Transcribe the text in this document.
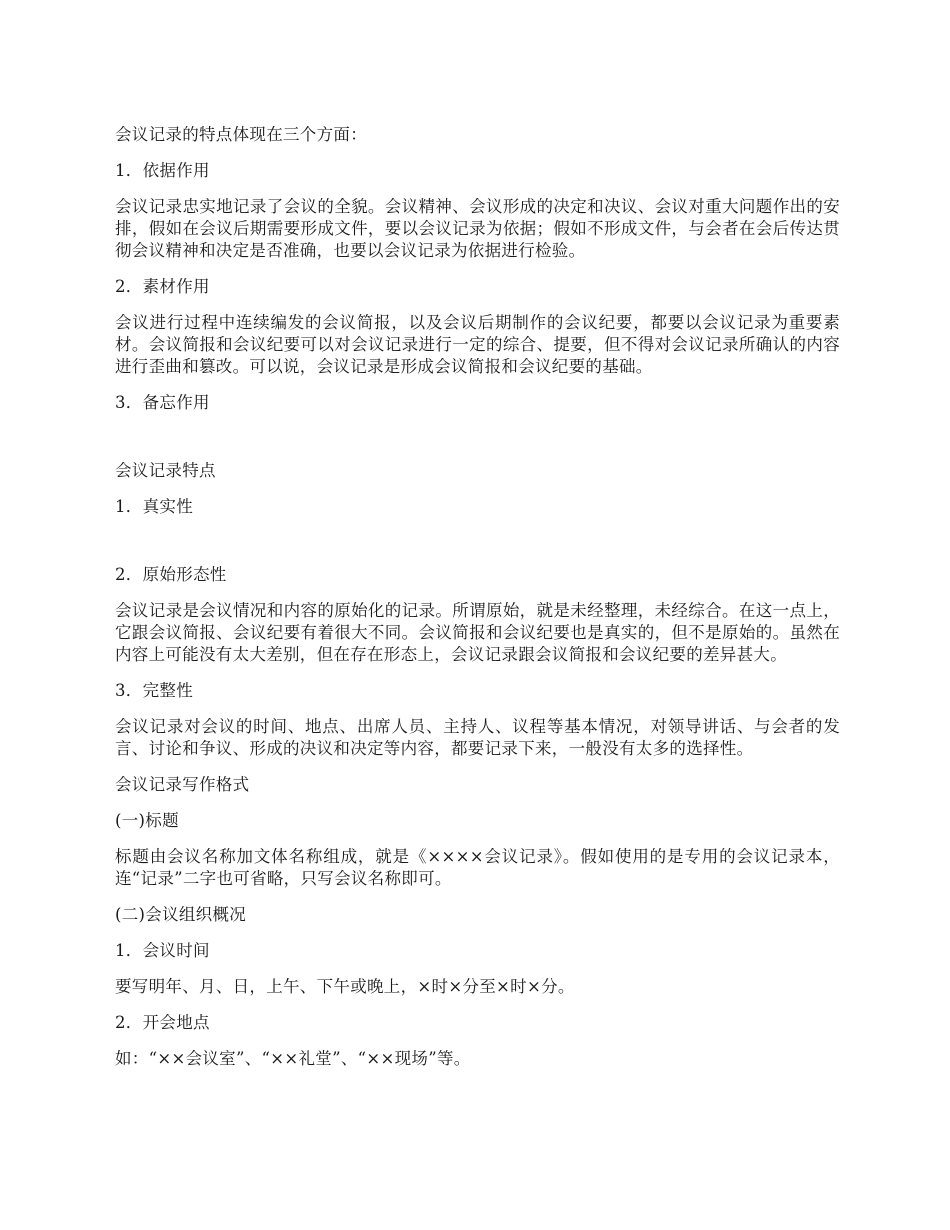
会议记录的特点体现在三个方面：

1．依据作用

会议记录忠实地记录了会议的全貌。会议精神、会议形成的决定和决议、会议对重大问题作出的安排，假如在会议后期需要形成文件，要以会议记录为依据；假如不形成文件，与会者在会后传达贯彻会议精神和决定是否准确，也要以会议记录为依据进行检验。

2．素材作用

会议进行过程中连续编发的会议简报，以及会议后期制作的会议纪要，都要以会议记录为重要素材。会议简报和会议纪要可以对会议记录进行一定的综合、提要，但不得对会议记录所确认的内容进行歪曲和篡改。可以说，会议记录是形成会议简报和会议纪要的基础。

3．备忘作用

会议记录特点

1．真实性

2．原始形态性

会议记录是会议情况和内容的原始化的记录。所谓原始，就是未经整理，未经综合。在这一点上，它跟会议简报、会议纪要有着很大不同。会议简报和会议纪要也是真实的，但不是原始的。虽然在内容上可能没有太大差别，但在存在形态上，会议记录跟会议简报和会议纪要的差异甚大。

3．完整性

会议记录对会议的时间、地点、出席人员、主持人、议程等基本情况，对领导讲话、与会者的发言、讨论和争议、形成的决议和决定等内容，都要记录下来，一般没有太多的选择性。

会议记录写作格式

(一)标题

标题由会议名称加文体名称组成，就是《××××会议记录》。假如使用的是专用的会议记录本，连“记录”二字也可省略，只写会议名称即可。

(二)会议组织概况

1．会议时间

要写明年、月、日，上午、下午或晚上，×时×分至×时×分。

2．开会地点

如：“××会议室”、“××礼堂”、“××现场”等。
